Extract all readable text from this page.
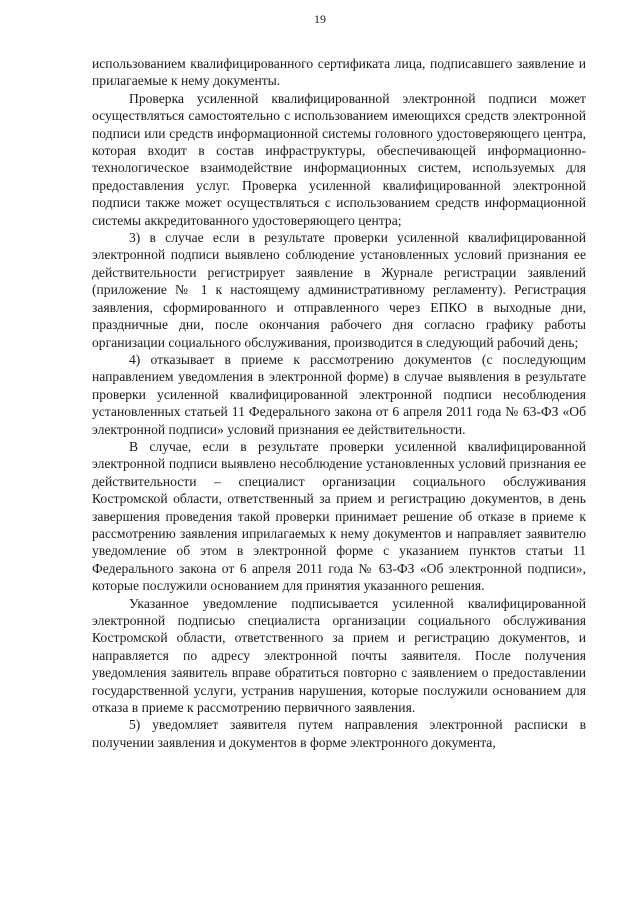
19

использованием квалифицированного сертификата лица, подписавшего заявление и прилагаемые к нему документы.

Проверка усиленной квалифицированной электронной подписи может осуществляться самостоятельно с использованием имеющихся средств электронной подписи или средств информационной системы головного удостоверяющего центра, которая входит в состав инфраструктуры, обеспечивающей информационно-технологическое взаимодействие информационных систем, используемых для предоставления услуг. Проверка усиленной квалифицированной электронной подписи также может осуществляться с использованием средств информационной системы аккредитованного удостоверяющего центра;

3) в случае если в результате проверки усиленной квалифицированной электронной подписи выявлено соблюдение установленных условий признания ее действительности регистрирует заявление в Журнале регистрации заявлений (приложение № 1 к настоящему административному регламенту). Регистрация заявления, сформированного и отправленного через ЕПКО в выходные дни, праздничные дни, после окончания рабочего дня согласно графику работы организации социального обслуживания, производится в следующий рабочий день;

4) отказывает в приеме к рассмотрению документов (с последующим направлением уведомления в электронной форме) в случае выявления в результате проверки усиленной квалифицированной электронной подписи несоблюдения установленных статьей 11 Федерального закона от 6 апреля 2011 года № 63-ФЗ «Об электронной подписи» условий признания ее действительности.

В случае, если в результате проверки усиленной квалифицированной электронной подписи выявлено несоблюдение установленных условий признания ее действительности – специалист организации социального обслуживания Костромской области, ответственный за прием и регистрацию документов, в день завершения проведения такой проверки принимает решение об отказе в приеме к рассмотрению заявления иприлагаемых к нему документов и направляет заявителю уведомление об этом в электронной форме с указанием пунктов статьи 11 Федерального закона от 6 апреля 2011 года № 63-ФЗ «Об электронной подписи», которые послужили основанием для принятия указанного решения.

Указанное уведомление подписывается усиленной квалифицированной электронной подписью специалиста организации социального обслуживания Костромской области, ответственного за прием и регистрацию документов, и направляется по адресу электронной почты заявителя. После получения уведомления заявитель вправе обратиться повторно с заявлением о предоставлении государственной услуги, устранив нарушения, которые послужили основанием для отказа в приеме к рассмотрению первичного заявления.

5) уведомляет заявителя путем направления электронной расписки в получении заявления и документов в форме электронного документа,
